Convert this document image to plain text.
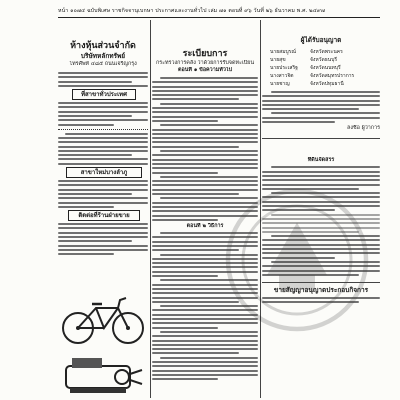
หน้า ๑๐๗๔ ฉบับพิเศษ ราชกิจจานุเบกษา ประกาศและงานทั่วไป เล่ม ๗๑ ตอนที่ ๙๖ วันที่ ๒๖ ธันวาคม พ.ศ. ๒๔๙๗
ห้างหุ้นส่วนจำกัด
บริษัทหลักทรัพย์
โทรศัพท์ ๔๘๕ ถนนเจริญกรุง
ที่สาขาทั่วประเทศ
สาขาใหม่บางลำภู
ติดต่อที่ร้านฝ่ายขาย
ระเบียบการ
กระทรวงการคลัง ว่าด้วยการรับจดทะเบียน
ตอนที่ ๑ ข้อความทั่วไป
ตอนที่ ๒ วิธีการ
ผู้ได้รับอนุญาต
นายสมบูรณ์	จังหวัดพระนคร
นายสุข	จังหวัดธนบุรี
นายประเสริฐ	จังหวัดนนทบุรี
นางสาวจิต	จังหวัดสมุทรปราการ
นายชาญ	จังหวัดปทุมธานี
ลงชื่อ ผู้ว่าการ
ที่ดินจัดสรร
ขายสัญญาอนุญาตประกอบกิจการ
